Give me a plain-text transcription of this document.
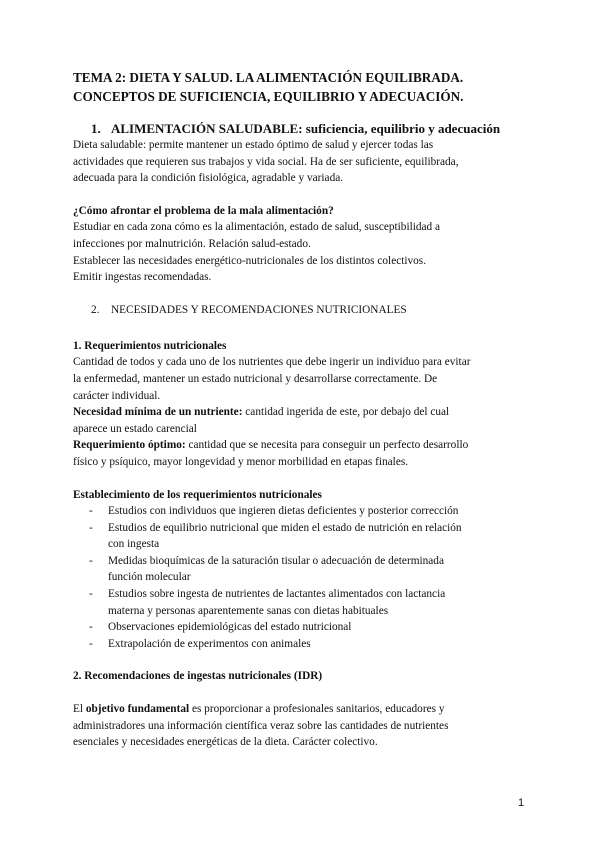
TEMA 2: DIETA Y SALUD. LA ALIMENTACIÓN EQUILIBRADA.
CONCEPTOS DE SUFICIENCIA, EQUILIBRIO Y ADECUACIÓN.
1. ALIMENTACIÓN SALUDABLE: suficiencia, equilibrio y adecuación

Dieta saludable: permite mantener un estado óptimo de salud y ejercer todas las

actividades que requieren sus trabajos y vida social. Ha de ser suficiente, equilibrada,

adecuada para la condición fisiológica, agradable y variada.

¿Cómo afrontar el problema de la mala alimentación?

Estudiar en cada zona cómo es la alimentación, estado de salud, susceptibilidad a

infecciones por malnutrición. Relación salud-estado.

Establecer las necesidades energético-nutricionales de los distintos colectivos.

Emitir ingestas recomendadas.

2. NECESIDADES Y RECOMENDACIONES NUTRICIONALES

1. Requerimientos nutricionales

Cantidad de todos y cada uno de los nutrientes que debe ingerir un individuo para evitar

la enfermedad, mantener un estado nutricional y desarrollarse correctamente. De

carácter individual.

Necesidad mínima de un nutriente: cantidad ingerida de este, por debajo del cual

aparece un estado carencial

Requerimiento óptimo: cantidad que se necesita para conseguir un perfecto desarrollo

físico y psíquico, mayor longevidad y menor morbilidad en etapas finales.

Establecimiento de los requerimientos nutricionales

- Estudios con individuos que ingieren dietas deficientes y posterior corrección
- Estudios de equilibrio nutricional que miden el estado de nutrición en relación
con ingesta
- Medidas bioquímicas de la saturación tisular o adecuación de determinada
función molecular
- Estudios sobre ingesta de nutrientes de lactantes alimentados con lactancia
materna y personas aparentemente sanas con dietas habituales
- Observaciones epidemiológicas del estado nutricional
- Extrapolación de experimentos con animales

2. Recomendaciones de ingestas nutricionales (IDR)

El objetivo fundamental es proporcionar a profesionales sanitarios, educadores y

administradores una información científica veraz sobre las cantidades de nutrientes

esenciales y necesidades energéticas de la dieta. Carácter colectivo.

1
